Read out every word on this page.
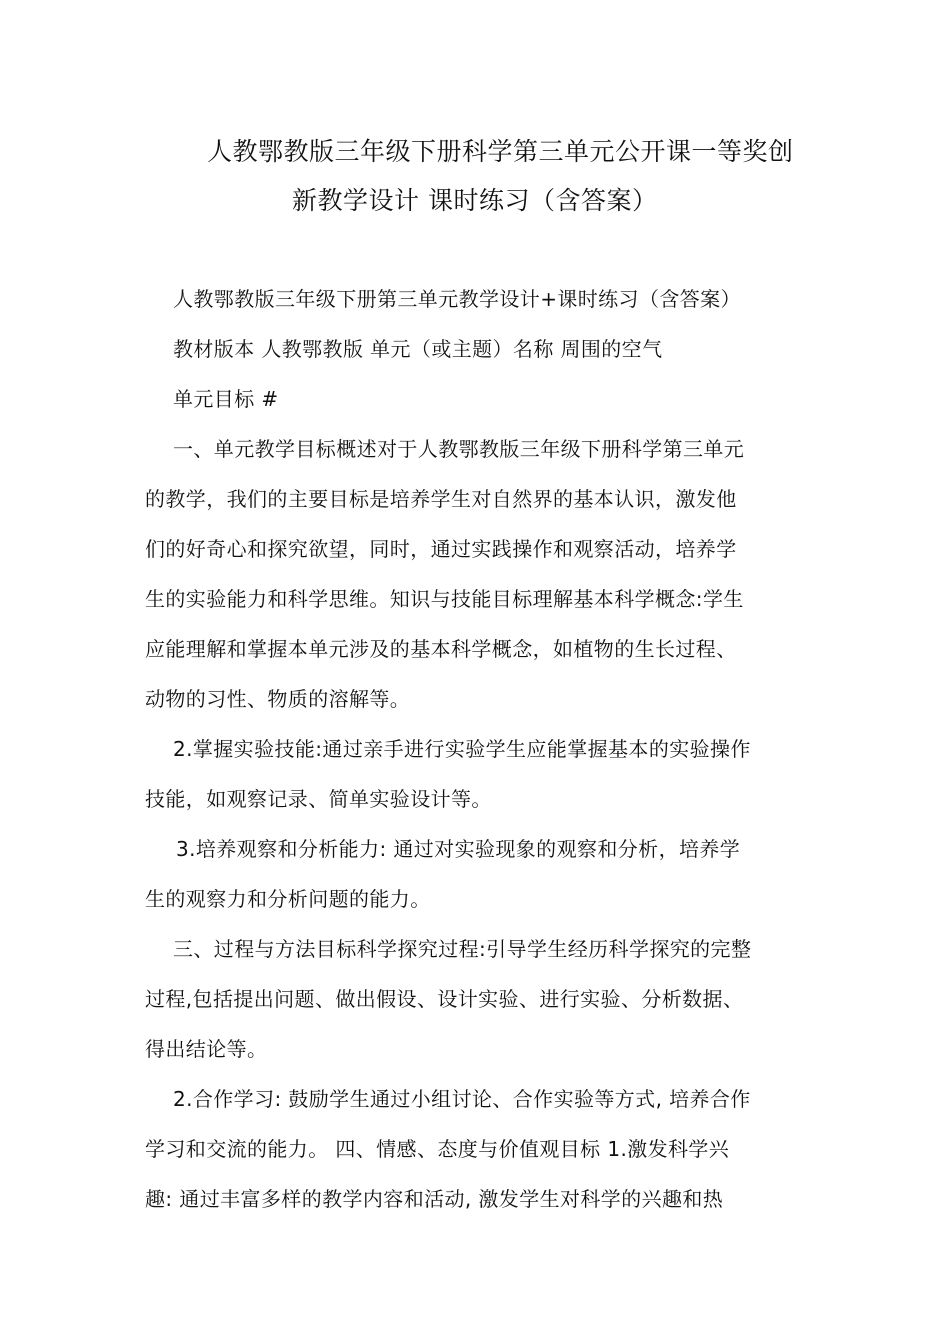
人教鄂教版三年级下册科学第三单元公开课一等奖创
新教学设计 课时练习（含答案）
人教鄂教版三年级下册第三单元教学设计+课时练习（含答案）
教材版本 人教鄂教版 单元（或主题）名称 周围的空气
单元目标 #
一、单元教学目标概述对于人教鄂教版三年级下册科学第三单元
的教学，我们的主要目标是培养学生对自然界的基本认识，激发他
们的好奇心和探究欲望，同时，通过实践操作和观察活动，培养学
生的实验能力和科学思维。知识与技能目标理解基本科学概念:学生
应能理解和掌握本单元涉及的基本科学概念，如植物的生长过程、
动物的习性、物质的溶解等。
2.掌握实验技能:通过亲手进行实验学生应能掌握基本的实验操作
技能，如观察记录、简单实验设计等。
3.培养观察和分析能力: 通过对实验现象的观察和分析，培养学
生的观察力和分析问题的能力。
三、过程与方法目标科学探究过程:引导学生经历科学探究的完整
过程,包括提出问题、做出假设、设计实验、进行实验、分析数据、
得出结论等。
2.合作学习: 鼓励学生通过小组讨论、合作实验等方式, 培养合作
学习和交流的能力。 四、情感、态度与价值观目标 1.激发科学兴
趣: 通过丰富多样的教学内容和活动, 激发学生对科学的兴趣和热
